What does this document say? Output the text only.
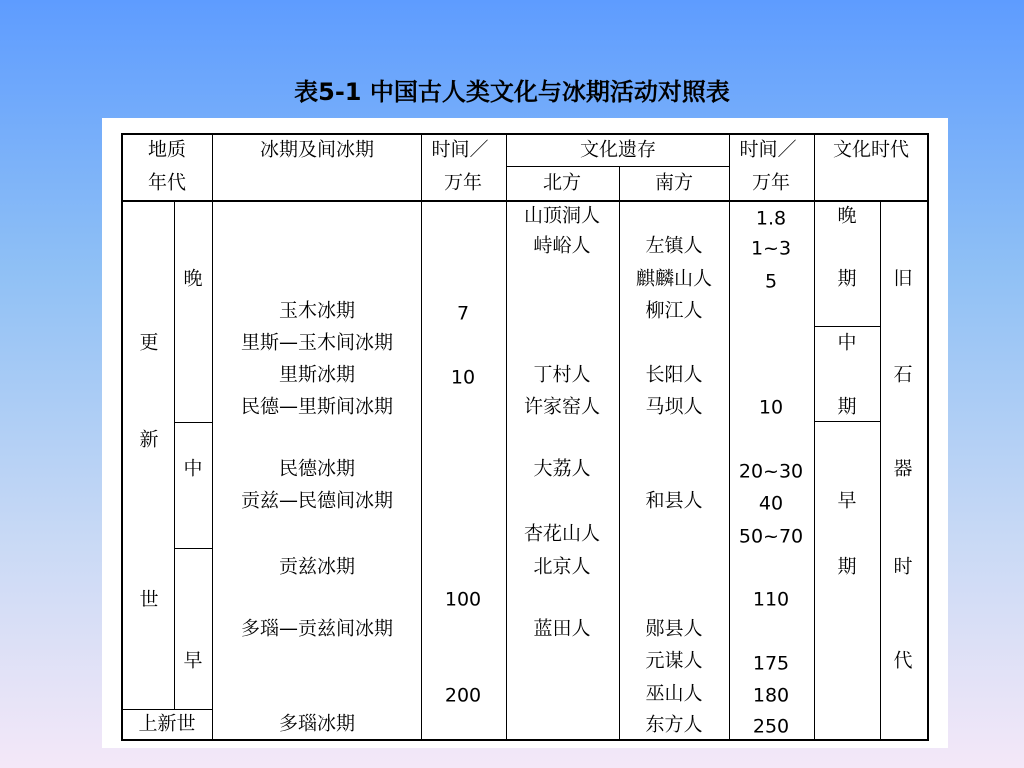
表5-1 中国古人类文化与冰期活动对照表
地质
年代
冰期及间冰期	时间／
万年
文化遗存
北方	南方
时间／
万年
文化时代
更
新
世
晚
中
早
上新世
玉木冰期
里斯—玉木间冰期
里斯冰期
民德—里斯间冰期
民德冰期
贡兹—民德间冰期
贡兹冰期
多瑙—贡兹间冰期
多瑙冰期
7
10
100
200
山顶洞人
峙峪人
丁村人
许家窑人
大荔人
杏花山人
北京人
蓝田人
左镇人
麒麟山人
柳江人
长阳人
马坝人
和县人
郧县人
元谋人
巫山人
东方人
1.8
1~3
5
10
20~30
40
50~70
110
175
180
250
晚
期
中
期
早
期
旧
石
器
时
代
